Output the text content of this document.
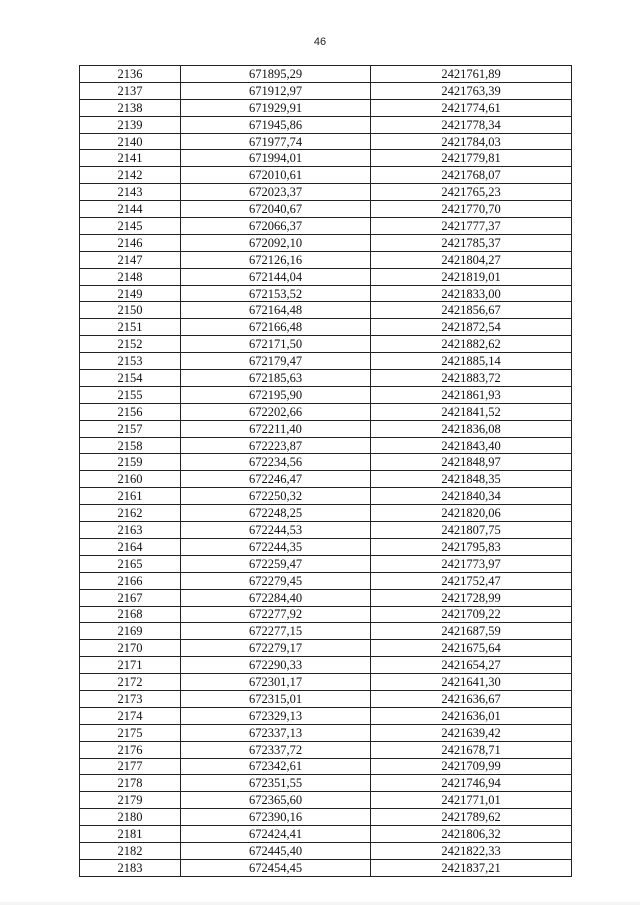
46
2136	671895,29	2421761,89
2137	671912,97	2421763,39
2138	671929,91	2421774,61
2139	671945,86	2421778,34
2140	671977,74	2421784,03
2141	671994,01	2421779,81
2142	672010,61	2421768,07
2143	672023,37	2421765,23
2144	672040,67	2421770,70
2145	672066,37	2421777,37
2146	672092,10	2421785,37
2147	672126,16	2421804,27
2148	672144,04	2421819,01
2149	672153,52	2421833,00
2150	672164,48	2421856,67
2151	672166,48	2421872,54
2152	672171,50	2421882,62
2153	672179,47	2421885,14
2154	672185,63	2421883,72
2155	672195,90	2421861,93
2156	672202,66	2421841,52
2157	672211,40	2421836,08
2158	672223,87	2421843,40
2159	672234,56	2421848,97
2160	672246,47	2421848,35
2161	672250,32	2421840,34
2162	672248,25	2421820,06
2163	672244,53	2421807,75
2164	672244,35	2421795,83
2165	672259,47	2421773,97
2166	672279,45	2421752,47
2167	672284,40	2421728,99
2168	672277,92	2421709,22
2169	672277,15	2421687,59
2170	672279,17	2421675,64
2171	672290,33	2421654,27
2172	672301,17	2421641,30
2173	672315,01	2421636,67
2174	672329,13	2421636,01
2175	672337,13	2421639,42
2176	672337,72	2421678,71
2177	672342,61	2421709,99
2178	672351,55	2421746,94
2179	672365,60	2421771,01
2180	672390,16	2421789,62
2181	672424,41	2421806,32
2182	672445,40	2421822,33
2183	672454,45	2421837,21
